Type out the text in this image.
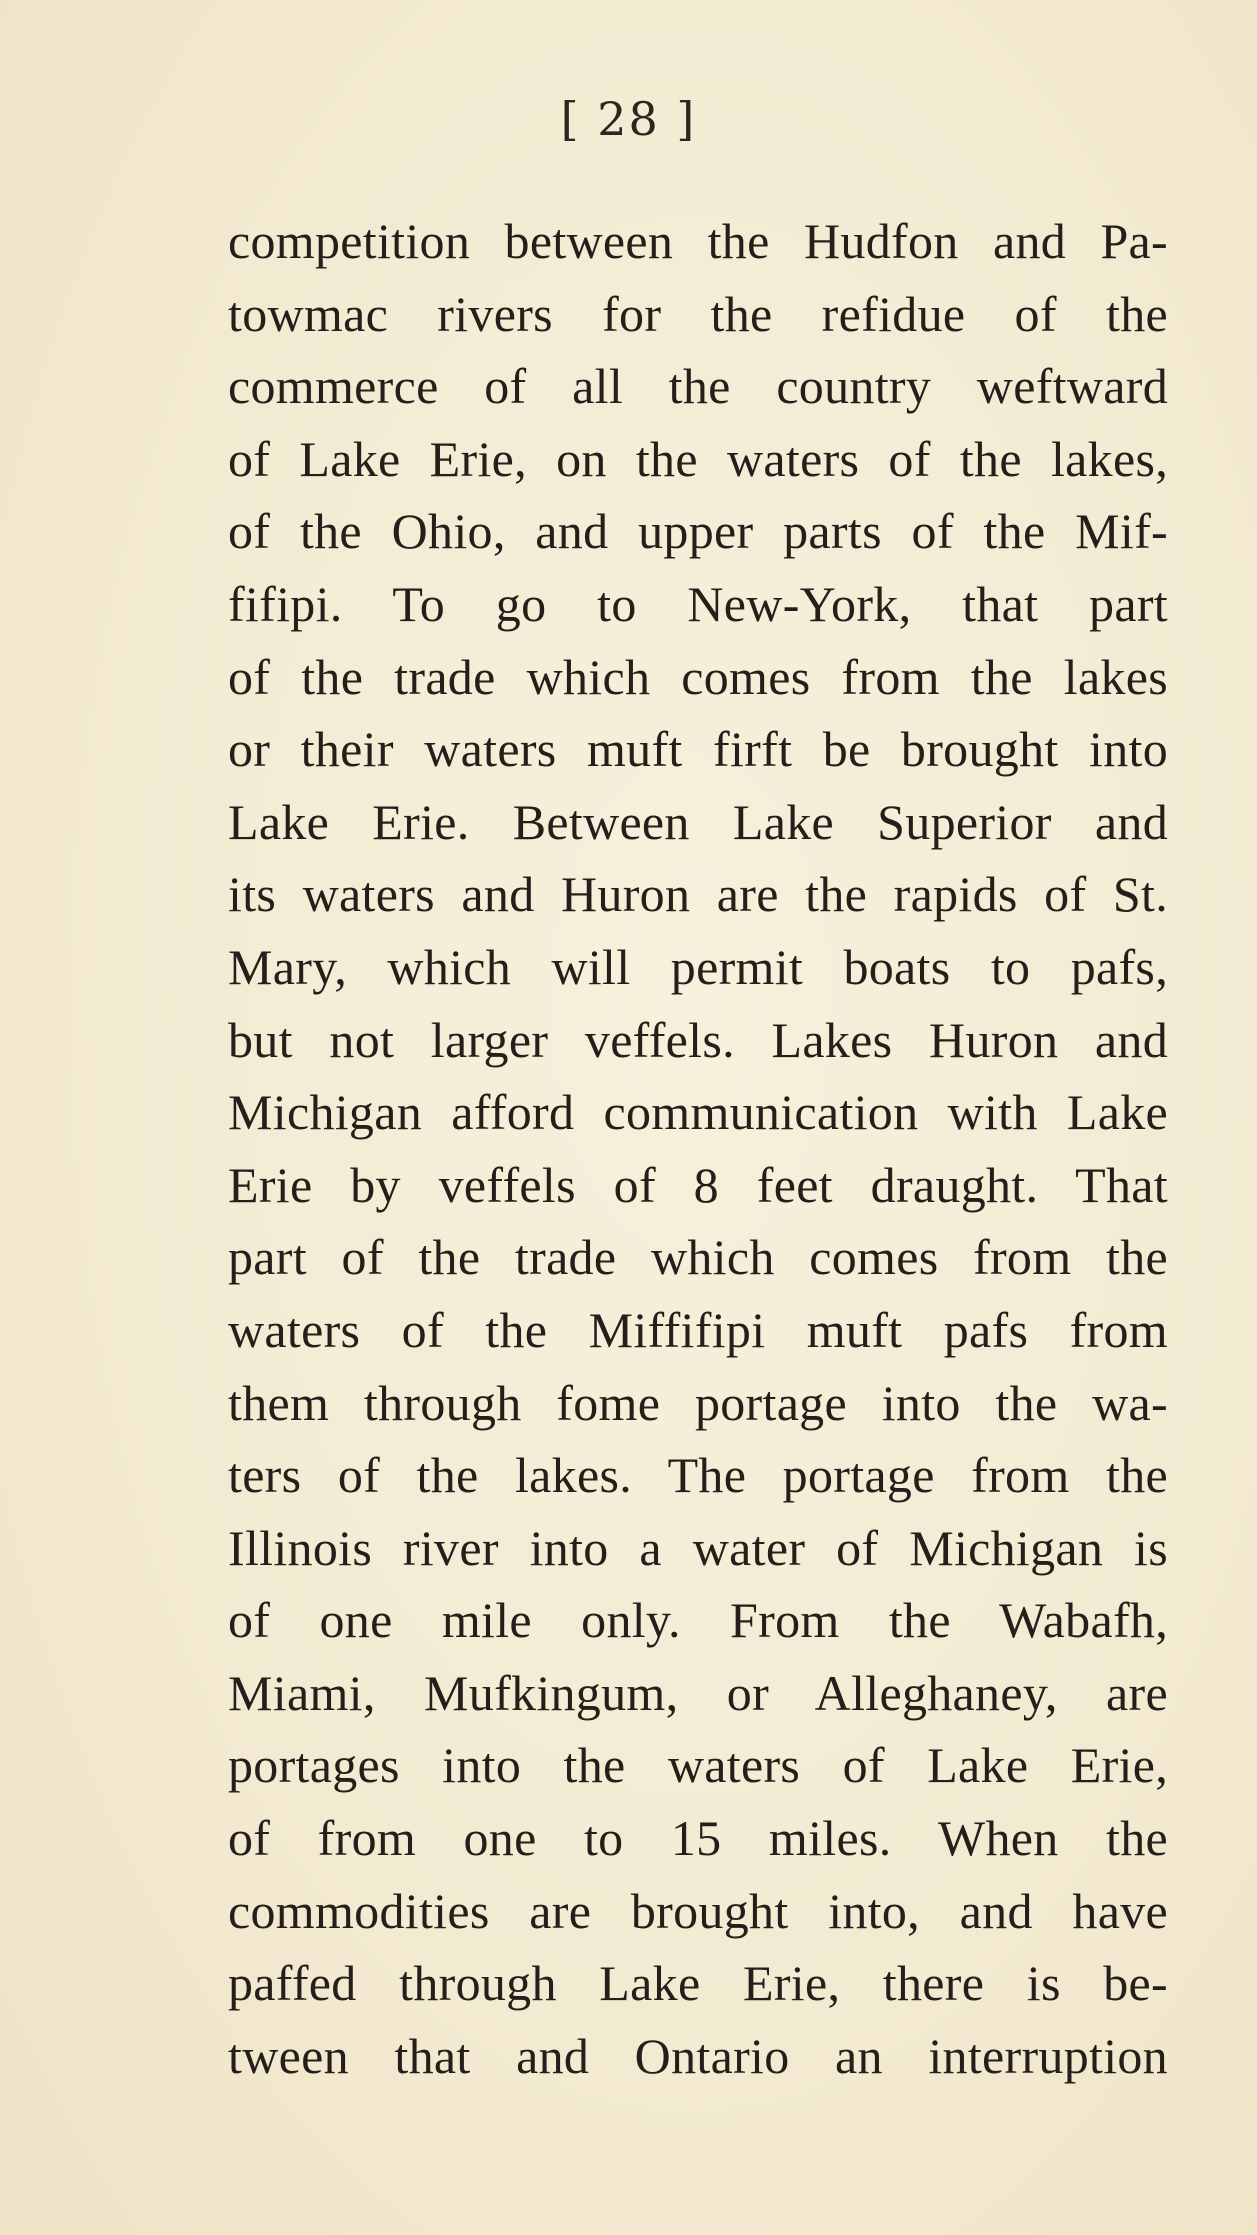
[ 28 ]
competition between the Hudfon and Pa-
towmac rivers for the refidue of the
commerce of all the country weftward
of Lake Erie, on the waters of the lakes,
of the Ohio, and upper parts of the Mif-
fifipi. To go to New-York, that part
of the trade which comes from the lakes
or their waters muft firft be brought into
Lake Erie. Between Lake Superior and
its waters and Huron are the rapids of St.
Mary, which will permit boats to pafs,
but not larger veffels. Lakes Huron and
Michigan afford communication with Lake
Erie by veffels of 8 feet draught. That
part of the trade which comes from the
waters of the Miffifipi muft pafs from
them through fome portage into the wa-
ters of the lakes. The portage from the
Illinois river into a water of Michigan is
of one mile only. From the Wabafh,
Miami, Mufkingum, or Alleghaney, are
portages into the waters of Lake Erie,
of from one to 15 miles. When the
commodities are brought into, and have
paffed through Lake Erie, there is be-
tween that and Ontario an interruption
